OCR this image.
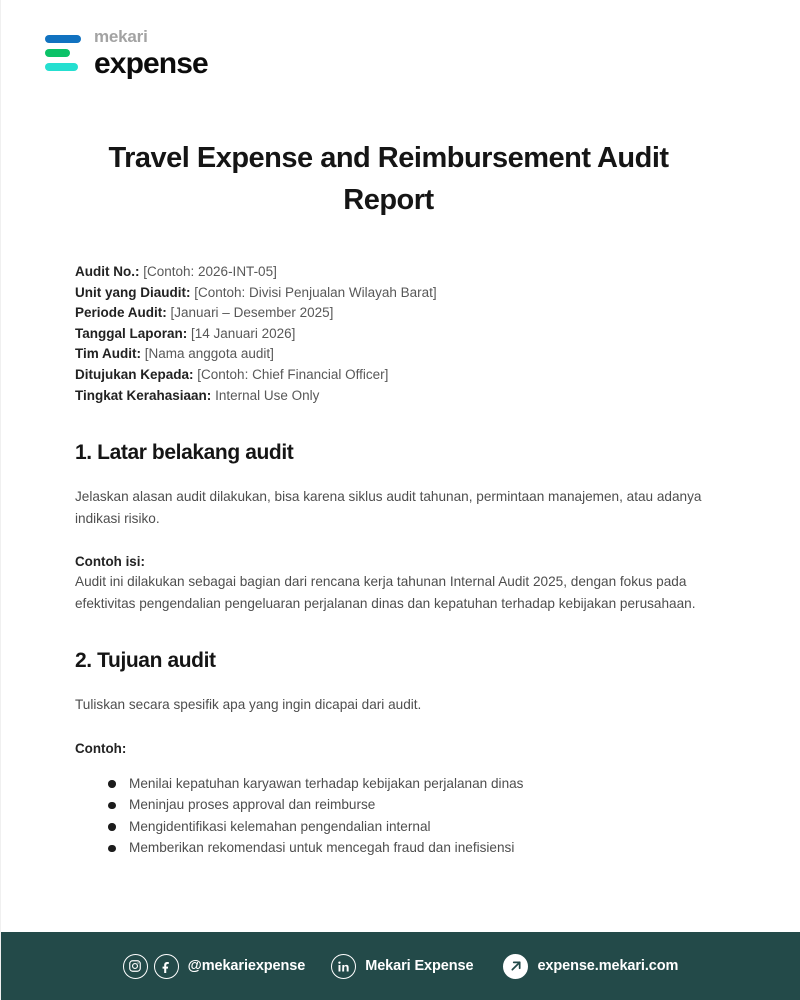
mekari
expense
Travel Expense and Reimbursement Audit Report
Audit No.: [Contoh: 2026-INT-05]
Unit yang Diaudit: [Contoh: Divisi Penjualan Wilayah Barat]
Periode Audit: [Januari – Desember 2025]
Tanggal Laporan: [14 Januari 2026]
Tim Audit: [Nama anggota audit]
Ditujukan Kepada: [Contoh: Chief Financial Officer]
Tingkat Kerahasiaan: Internal Use Only
1. Latar belakang audit

Jelaskan alasan audit dilakukan, bisa karena siklus audit tahunan, permintaan manajemen, atau adanya indikasi risiko.

Contoh isi:

Audit ini dilakukan sebagai bagian dari rencana kerja tahunan Internal Audit 2025, dengan fokus pada efektivitas pengendalian pengeluaran perjalanan dinas dan kepatuhan terhadap kebijakan perusahaan.

2. Tujuan audit

Tuliskan secara spesifik apa yang ingin dicapai dari audit.

Contoh:

Menilai kepatuhan karyawan terhadap kebijakan perjalanan dinas
Meninjau proses approval dan reimburse
Mengidentifikasi kelemahan pengendalian internal
Memberikan rekomendasi untuk mencegah fraud dan inefisiensi
@mekariexpense	Mekari Expense	expense.mekari.com
